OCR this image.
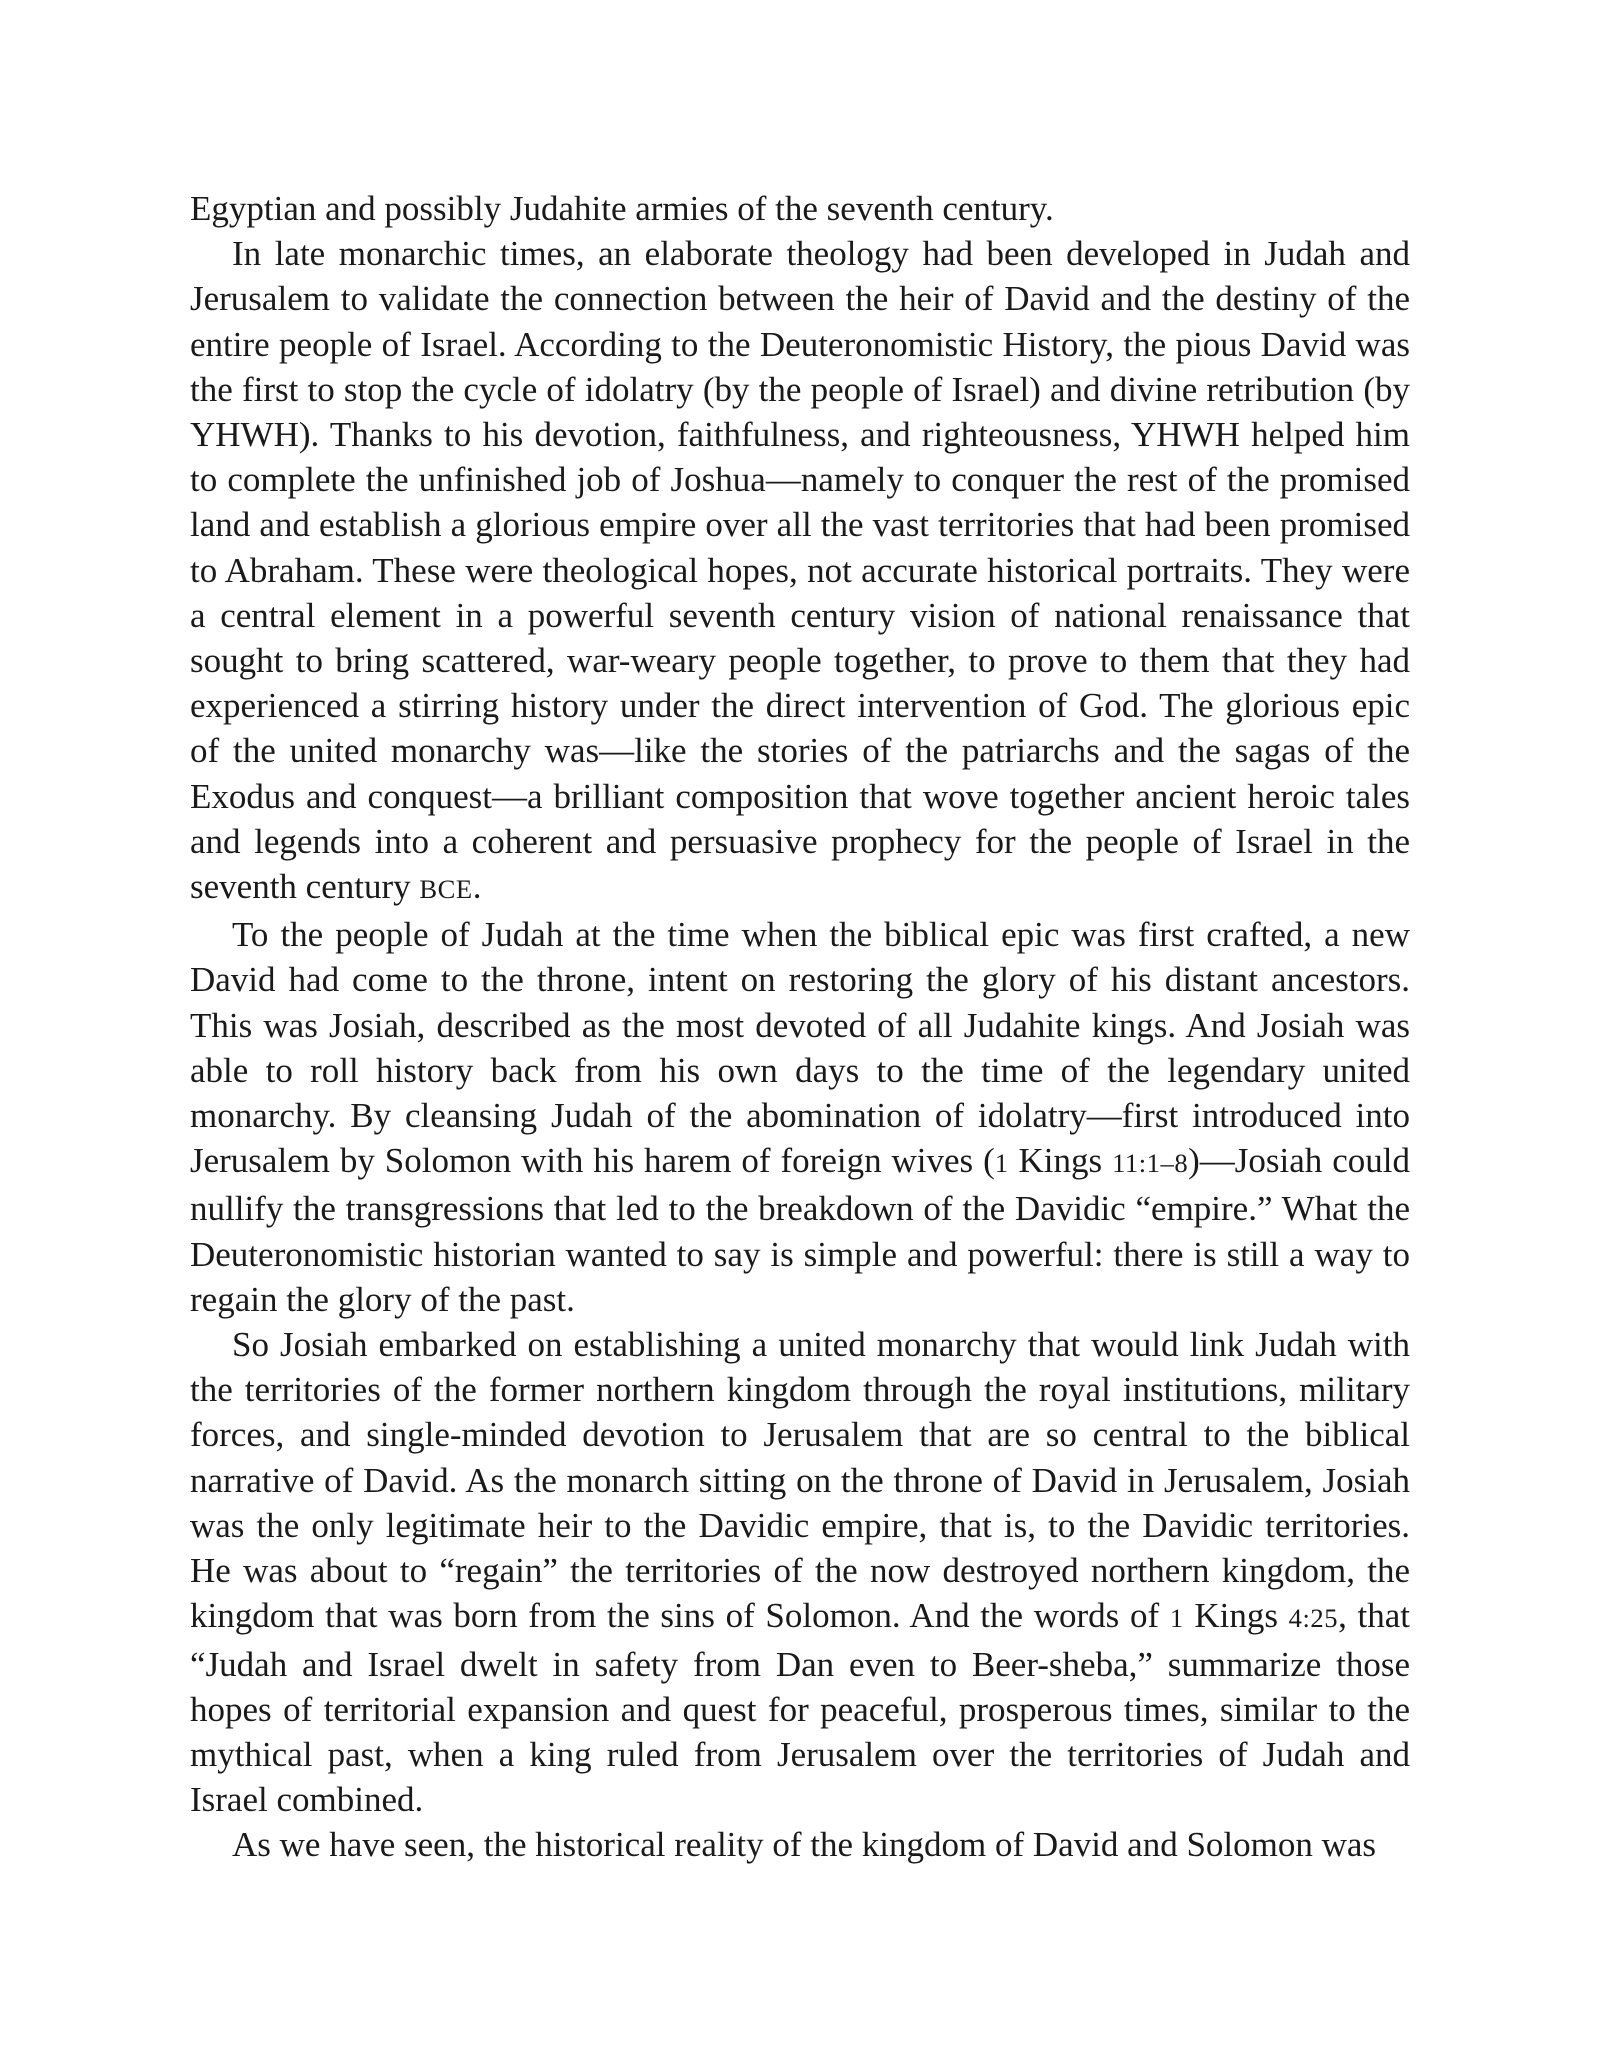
Egyptian and possibly Judahite armies of the seventh century.

In late monarchic times, an elaborate theology had been developed in Judah and Jerusalem to validate the connection between the heir of David and the destiny of the entire people of Israel. According to the Deuteronomistic History, the pious David was the first to stop the cycle of idolatry (by the people of Israel) and divine retribution (by YHWH). Thanks to his devotion, faithfulness, and righteousness, YHWH helped him to complete the unfinished job of Joshua—namely to conquer the rest of the promised land and establish a glorious empire over all the vast territories that had been promised to Abraham. These were theological hopes, not accurate historical portraits. They were a central element in a powerful seventh century vision of national renaissance that sought to bring scattered, war-weary people together, to prove to them that they had experienced a stirring history under the direct intervention of God. The glorious epic of the united monarchy was—like the stories of the patriarchs and the sagas of the Exodus and conquest—a brilliant composition that wove together ancient heroic tales and legends into a coherent and persuasive prophecy for the people of Israel in the seventh century BCE.

To the people of Judah at the time when the biblical epic was first crafted, a new David had come to the throne, intent on restoring the glory of his distant ancestors. This was Josiah, described as the most devoted of all Judahite kings. And Josiah was able to roll history back from his own days to the time of the legendary united monarchy. By cleansing Judah of the abomination of idolatry—first introduced into Jerusalem by Solomon with his harem of foreign wives (1 Kings 11:1–8)—Josiah could nullify the transgressions that led to the breakdown of the Davidic “empire.” What the Deuteronomistic historian wanted to say is simple and powerful: there is still a way to regain the glory of the past.

So Josiah embarked on establishing a united monarchy that would link Judah with the territories of the former northern kingdom through the royal institutions, military forces, and single-minded devotion to Jerusalem that are so central to the biblical narrative of David. As the monarch sitting on the throne of David in Jerusalem, Josiah was the only legitimate heir to the Davidic empire, that is, to the Davidic territories. He was about to “regain” the territories of the now destroyed northern kingdom, the kingdom that was born from the sins of Solomon. And the words of 1 Kings 4:25, that “Judah and Israel dwelt in safety from Dan even to Beer-sheba,” summarize those hopes of territorial expansion and quest for peaceful, prosperous times, similar to the mythical past, when a king ruled from Jerusalem over the territories of Judah and Israel combined.

As we have seen, the historical reality of the kingdom of David and Solomon was
